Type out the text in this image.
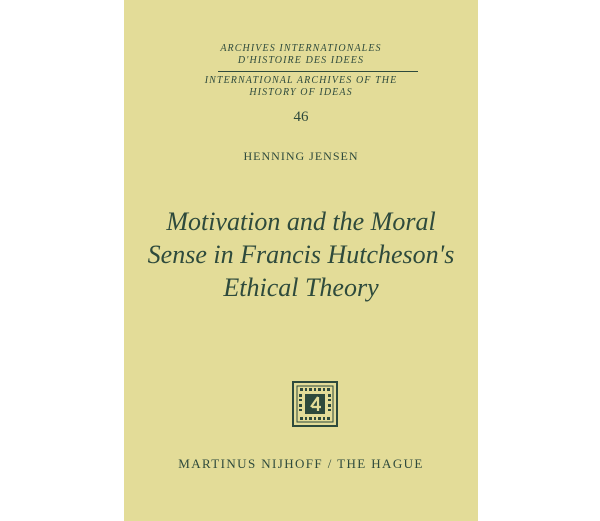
ARCHIVES INTERNATIONALES
D'HISTOIRE DES IDEES
INTERNATIONAL ARCHIVES OF THE
HISTORY OF IDEAS
46
HENNING JENSEN
Motivation and the Moral
Sense in Francis Hutcheson's
Ethical Theory
MARTINUS NIJHOFF / THE HAGUE
